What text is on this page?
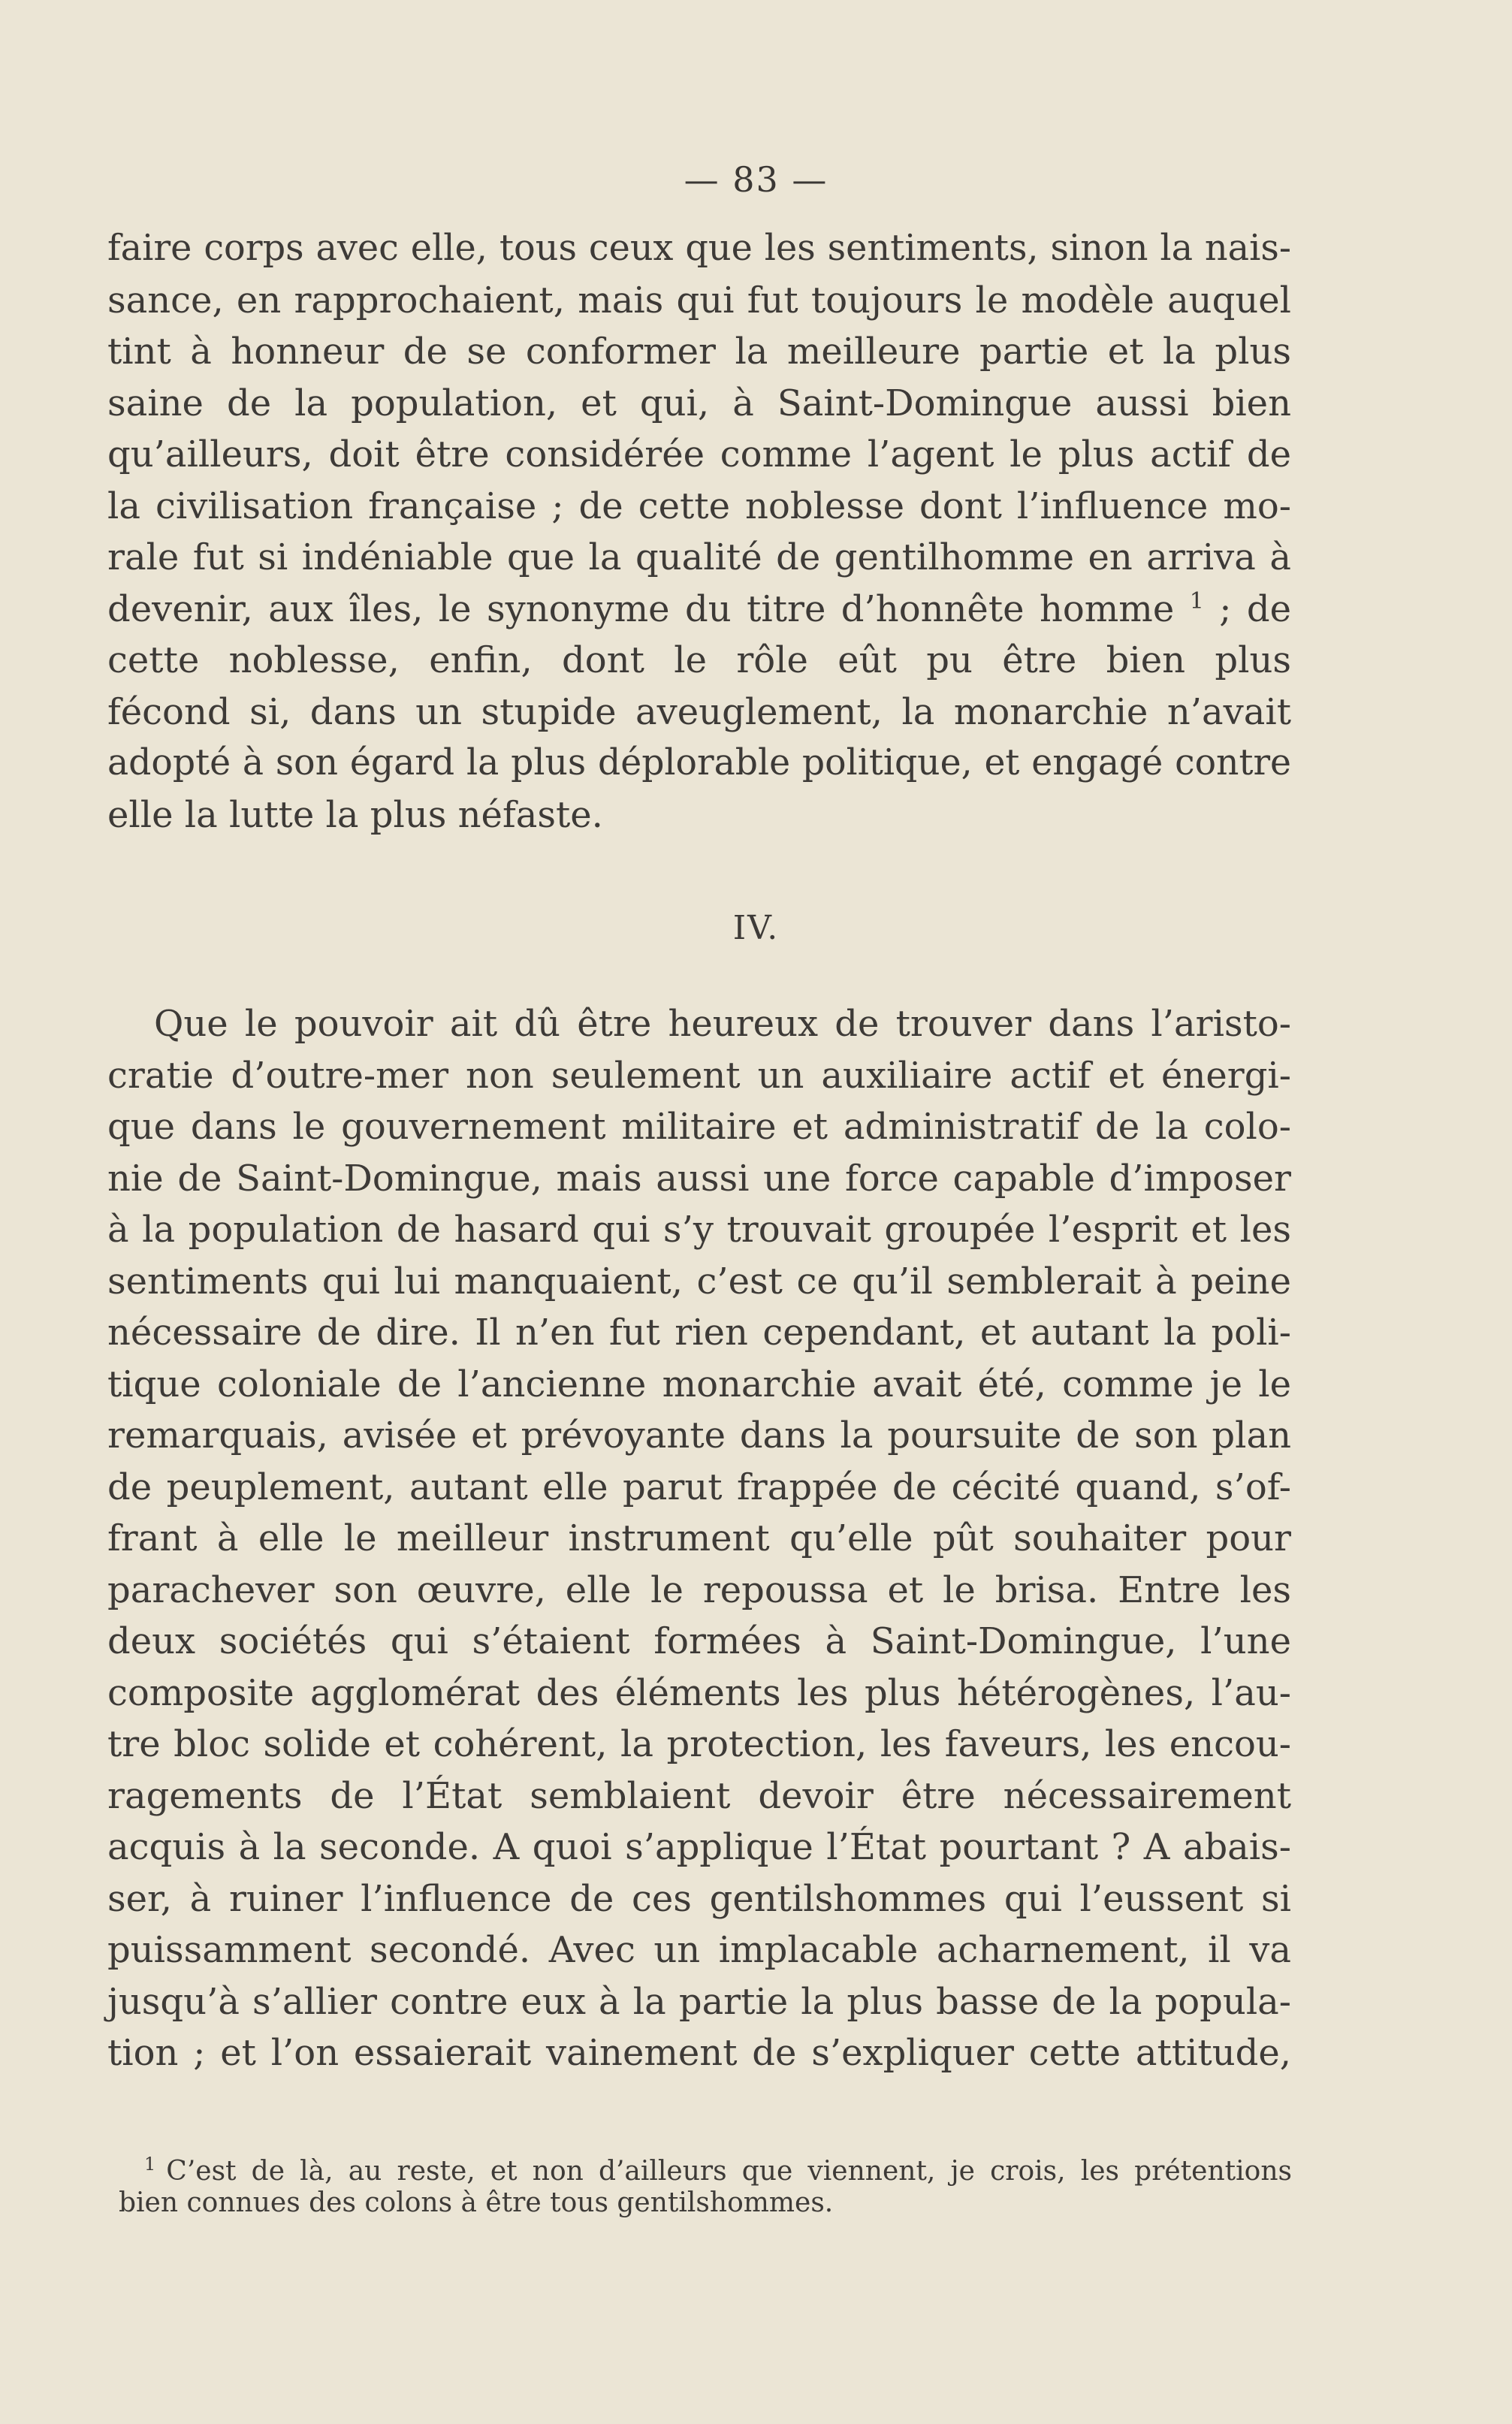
— 83 —
faire corps avec elle, tous ceux que les sentiments, sinon la nais-
sance, en rapprochaient, mais qui fut toujours le modèle auquel
tint à honneur de se conformer la meilleure partie et la plus
saine de la population, et qui, à Saint-Domingue aussi bien
qu’ailleurs, doit être considérée comme l’agent le plus actif de
la civilisation française ; de cette noblesse dont l’influence mo-
rale fut si indéniable que la qualité de gentilhomme en arriva à
devenir, aux îles, le synonyme du titre d’honnête homme $^1$ ; de
cette noblesse, enfin, dont le rôle eût pu être bien plus
fécond si, dans un stupide aveuglement, la monarchie n’avait
adopté à son égard la plus déplorable politique, et engagé contre
elle la lutte la plus néfaste.
IV.
Que le pouvoir ait dû être heureux de trouver dans l’aristo-
cratie d’outre-mer non seulement un auxiliaire actif et énergi-
que dans le gouvernement militaire et administratif de la colo-
nie de Saint-Domingue, mais aussi une force capable d’imposer
à la population de hasard qui s’y trouvait groupée l’esprit et les
sentiments qui lui manquaient, c’est ce qu’il semblerait à peine
nécessaire de dire. Il n’en fut rien cependant, et autant la poli-
tique coloniale de l’ancienne monarchie avait été, comme je le
remarquais, avisée et prévoyante dans la poursuite de son plan
de peuplement, autant elle parut frappée de cécité quand, s’of-
frant à elle le meilleur instrument qu’elle pût souhaiter pour
parachever son œuvre, elle le repoussa et le brisa. Entre les
deux sociétés qui s’étaient formées à Saint-Domingue, l’une
composite agglomérat des éléments les plus hétérogènes, l’au-
tre bloc solide et cohérent, la protection, les faveurs, les encou-
ragements de l’État semblaient devoir être nécessairement
acquis à la seconde. A quoi s’applique l’État pourtant ? A abais-
ser, à ruiner l’influence de ces gentilshommes qui l’eussent si
puissamment secondé. Avec un implacable acharnement, il va
jusqu’à s’allier contre eux à la partie la plus basse de la popula-
tion ; et l’on essaierait vainement de s’expliquer cette attitude,
$^1$ C’est de là, au reste, et non d’ailleurs que viennent, je crois, les prétentions
bien connues des colons à être tous gentilshommes.
